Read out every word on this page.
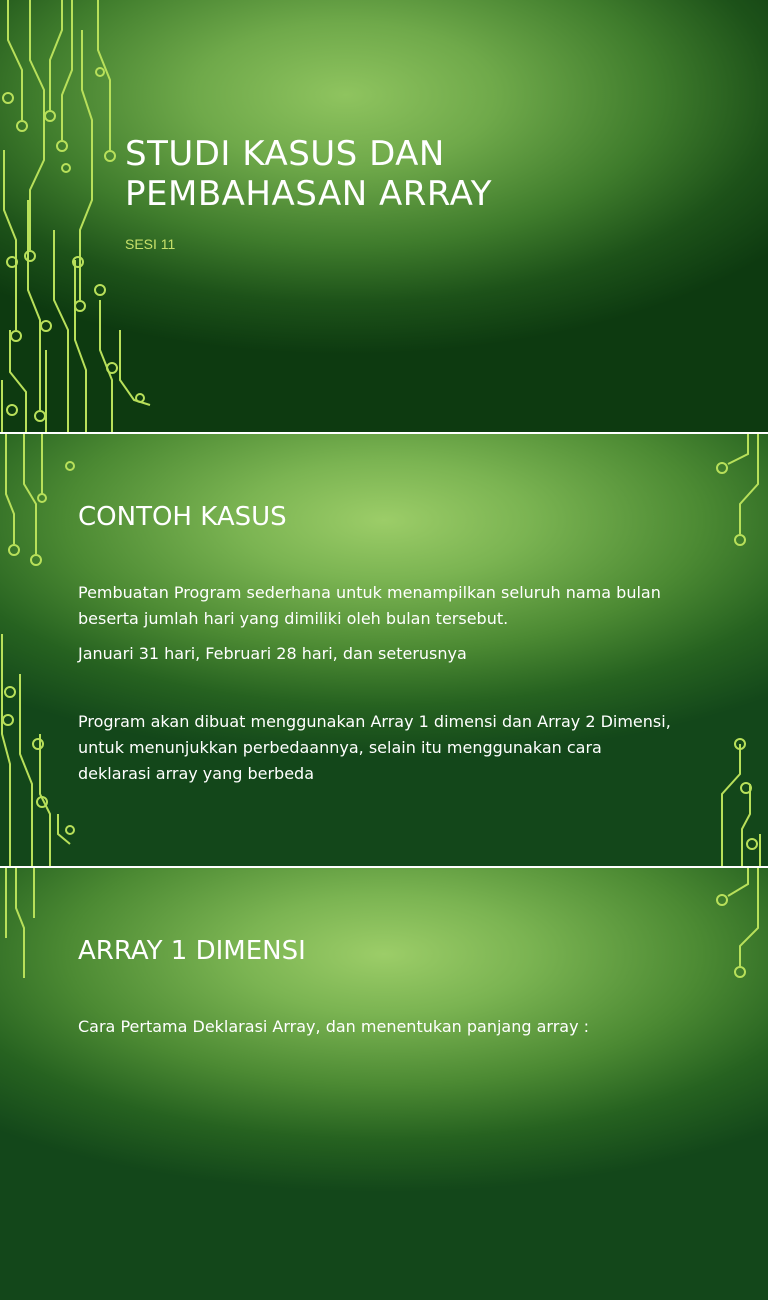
STUDI KASUS DAN PEMBAHASAN ARRAY

SESI 11

CONTOH KASUS

Pembuatan Program sederhana untuk menampilkan seluruh nama bulan beserta jumlah hari yang dimiliki oleh bulan tersebut.

Januari 31 hari, Februari 28 hari, dan seterusnya

Program akan dibuat menggunakan Array 1 dimensi dan Array 2 Dimensi, untuk menunjukkan perbedaannya, selain itu menggunakan cara deklarasi array yang berbeda

ARRAY 1 DIMENSI

Cara Pertama Deklarasi Array, dan menentukan panjang array :
